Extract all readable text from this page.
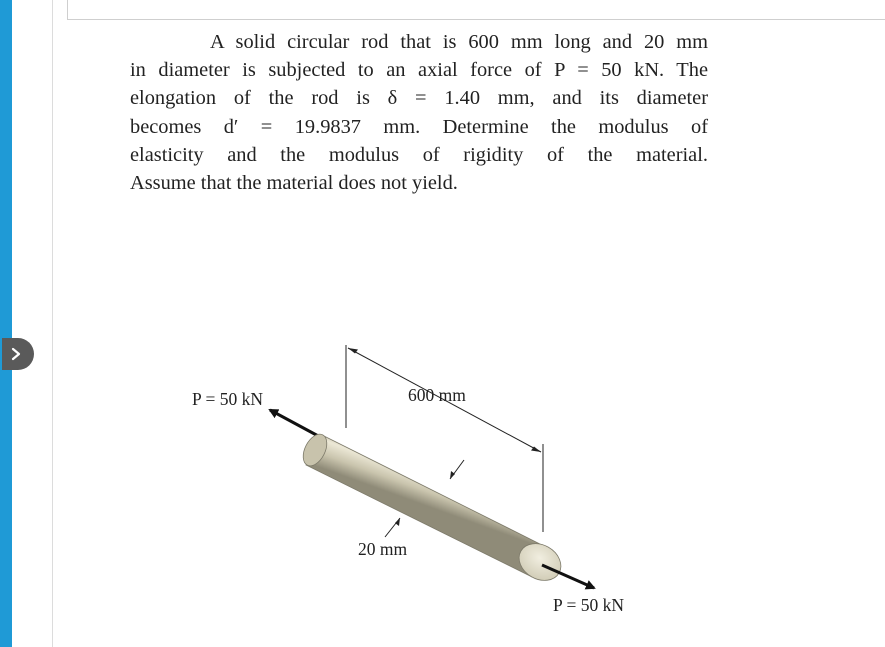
A solid circular rod that is 600 mm long and 20 mm
in diameter is subjected to an axial force of P = 50 kN. The
elongation of the rod is δ = 1.40 mm, and its diameter
becomes d′ = 19.9837 mm. Determine the modulus of
elasticity and the modulus of rigidity of the material.
Assume that the material does not yield.
P = 50 kN	600 mm
20 mm
P = 50 kN
